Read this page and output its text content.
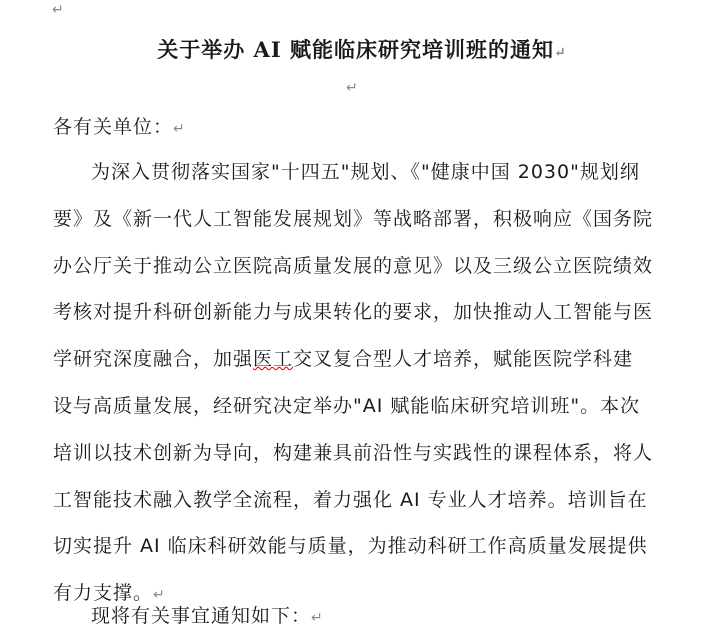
↵
关于举办 AI 赋能临床研究培训班的通知↵
↵
各有关单位：↵

为深入贯彻落实国家"十四五"规划、《"健康中国 2030"规划纲要》及《新一代人工智能发展规划》等战略部署，积极响应《国务院办公厅关于推动公立医院高质量发展的意见》以及三级公立医院绩效考核对提升科研创新能力与成果转化的要求，加快推动人工智能与医学研究深度融合，加强医工交叉复合型人才培养，赋能医院学科建设与高质量发展，经研究决定举办"AI 赋能临床研究培训班"。本次培训以技术创新为导向，构建兼具前沿性与实践性的课程体系，将人工智能技术融入教学全流程，着力强化 AI 专业人才培养。培训旨在切实提升 AI 临床科研效能与质量，为推动科研工作高质量发展提供有力支撑。↵

现将有关事宜通知如下：↵
